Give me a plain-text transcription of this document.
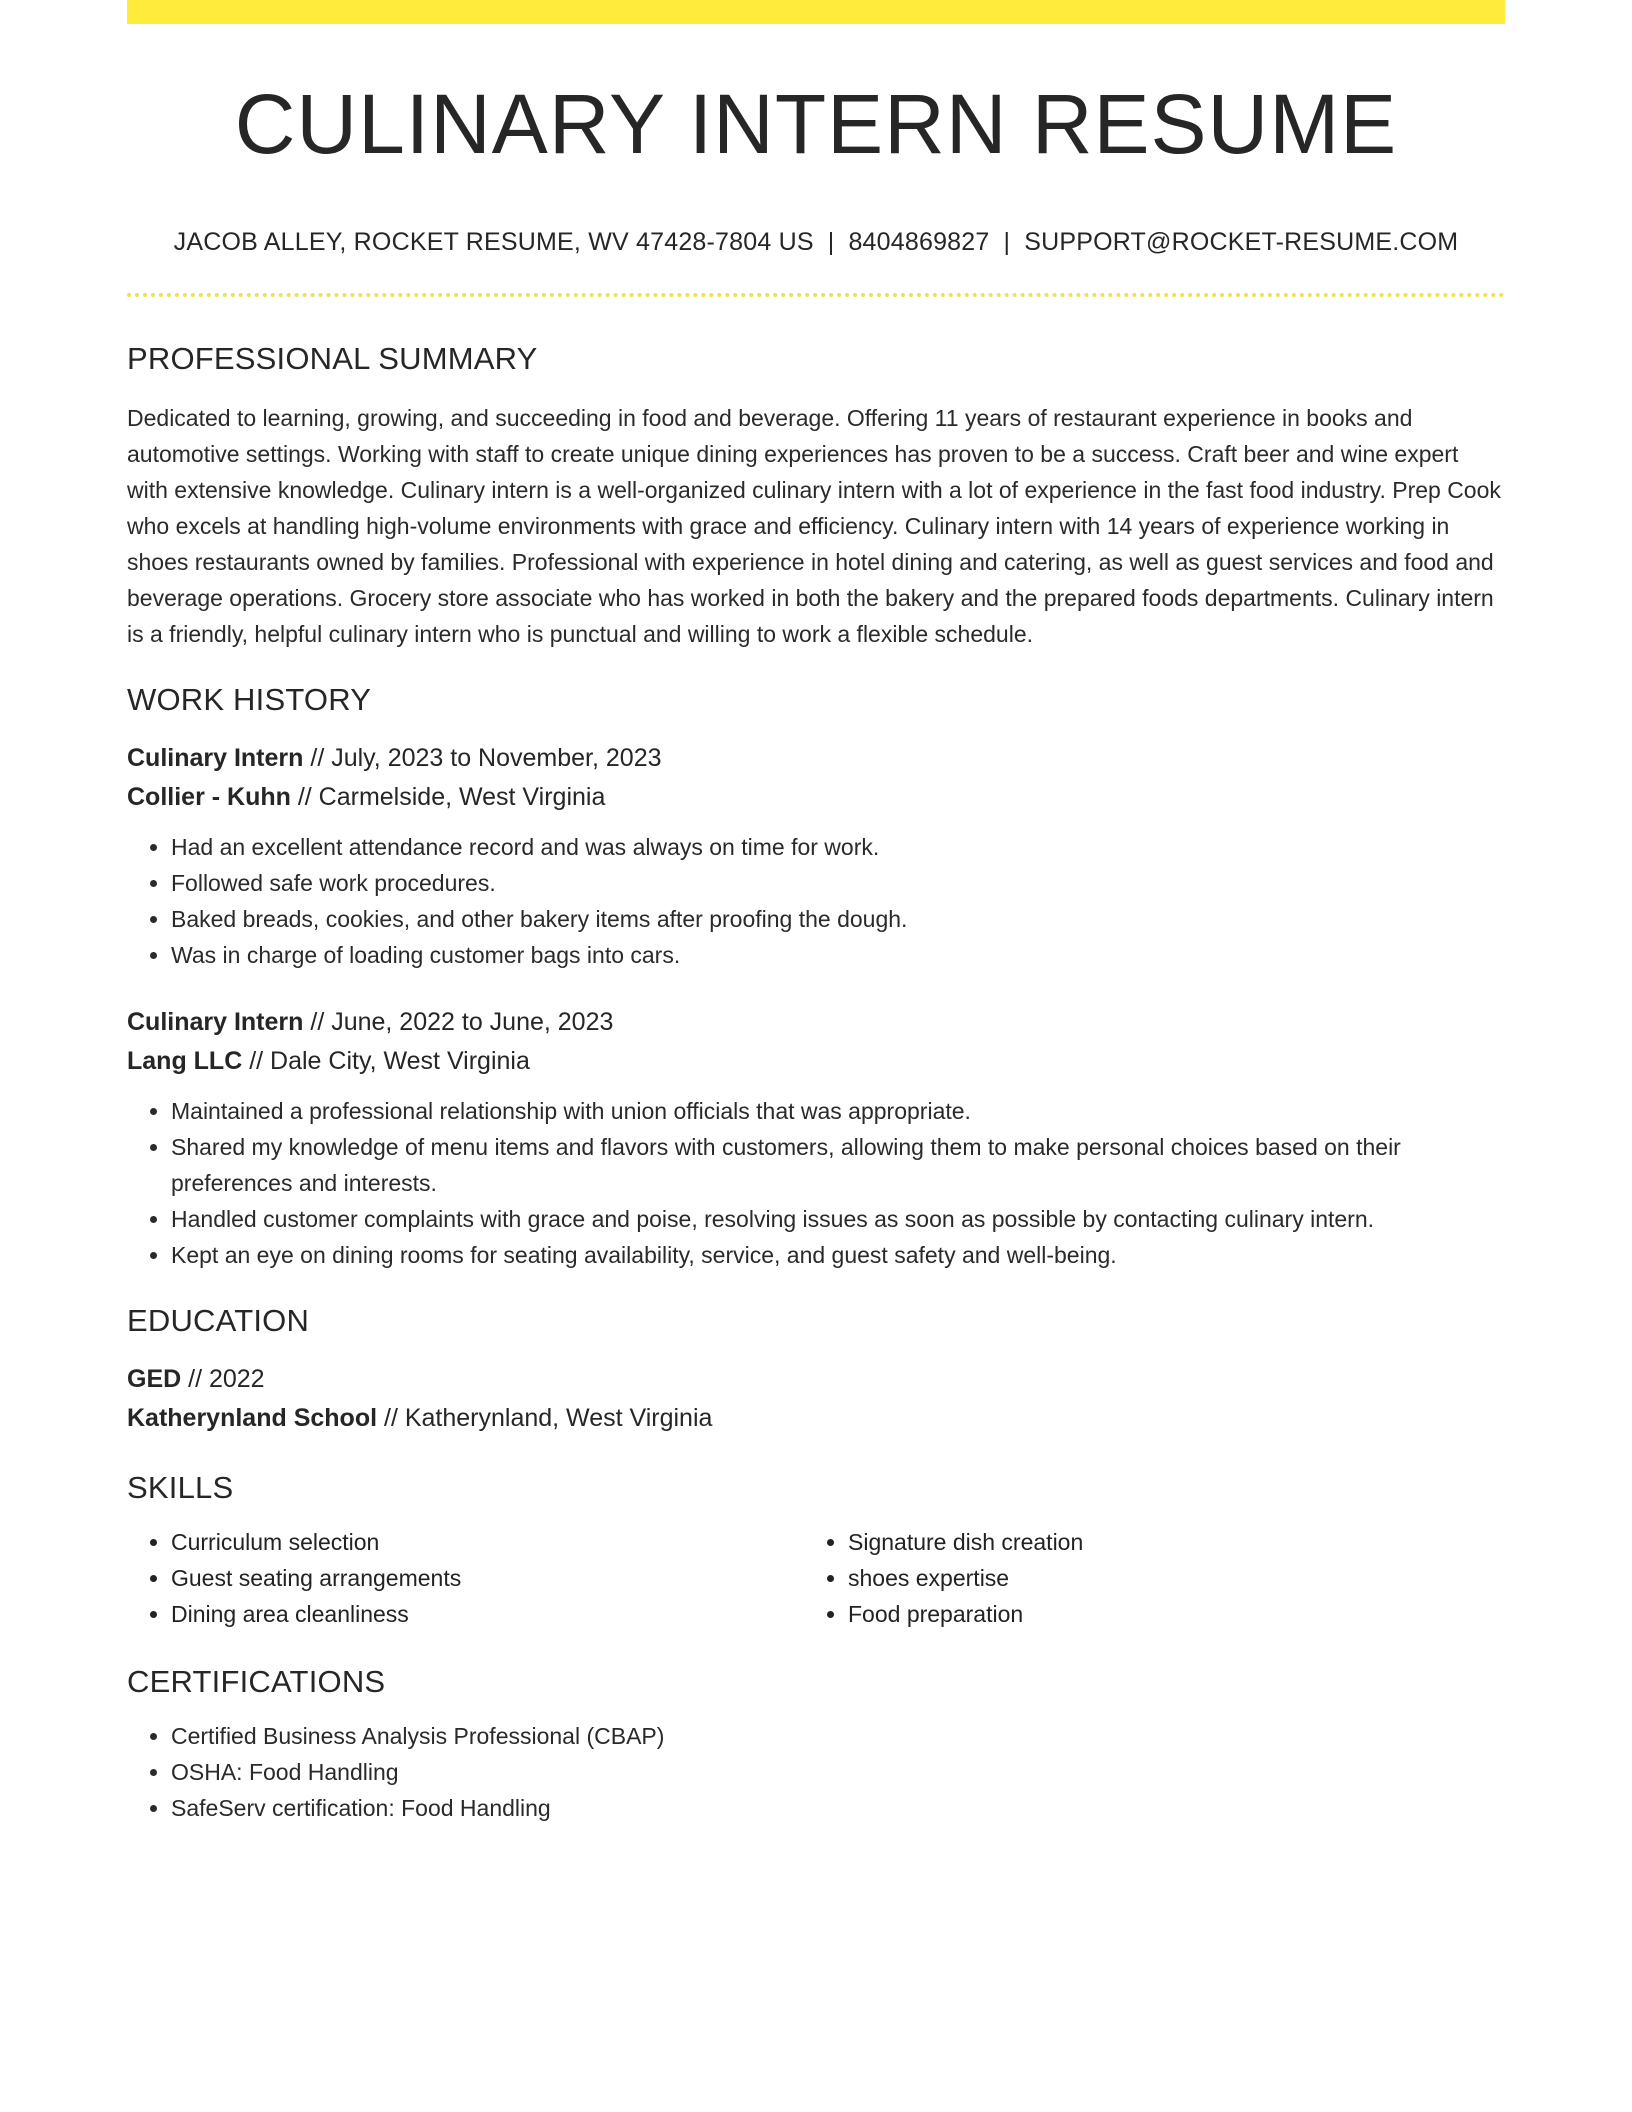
CULINARY INTERN RESUME
JACOB ALLEY, ROCKET RESUME, WV 47428-7804 US | 8404869827 | SUPPORT@ROCKET-RESUME.COM
PROFESSIONAL SUMMARY

Dedicated to learning, growing, and succeeding in food and beverage. Offering 11 years of restaurant experience in books and automotive settings. Working with staff to create unique dining experiences has proven to be a success. Craft beer and wine expert with extensive knowledge. Culinary intern is a well-organized culinary intern with a lot of experience in the fast food industry. Prep Cook who excels at handling high-volume environments with grace and efficiency. Culinary intern with 14 years of experience working in shoes restaurants owned by families. Professional with experience in hotel dining and catering, as well as guest services and food and beverage operations. Grocery store associate who has worked in both the bakery and the prepared foods departments. Culinary intern is a friendly, helpful culinary intern who is punctual and willing to work a flexible schedule.

WORK HISTORY
Culinary Intern // July, 2023 to November, 2023
Collier - Kuhn // Carmelside, West Virginia
• Had an excellent attendance record and was always on time for work.
• Followed safe work procedures.
• Baked breads, cookies, and other bakery items after proofing the dough.
• Was in charge of loading customer bags into cars.
Culinary Intern // June, 2022 to June, 2023
Lang LLC // Dale City, West Virginia
• Maintained a professional relationship with union officials that was appropriate.
• Shared my knowledge of menu items and flavors with customers, allowing them to make personal choices based on their preferences and interests.
• Handled customer complaints with grace and poise, resolving issues as soon as possible by contacting culinary intern.
• Kept an eye on dining rooms for seating availability, service, and guest safety and well-being.
EDUCATION
GED // 2022
Katherynland School // Katherynland, West Virginia
SKILLS
• Curriculum selection
• Guest seating arrangements
• Dining area cleanliness
• Signature dish creation
• shoes expertise
• Food preparation
CERTIFICATIONS
• Certified Business Analysis Professional (CBAP)
• OSHA: Food Handling
• SafeServ certification: Food Handling
